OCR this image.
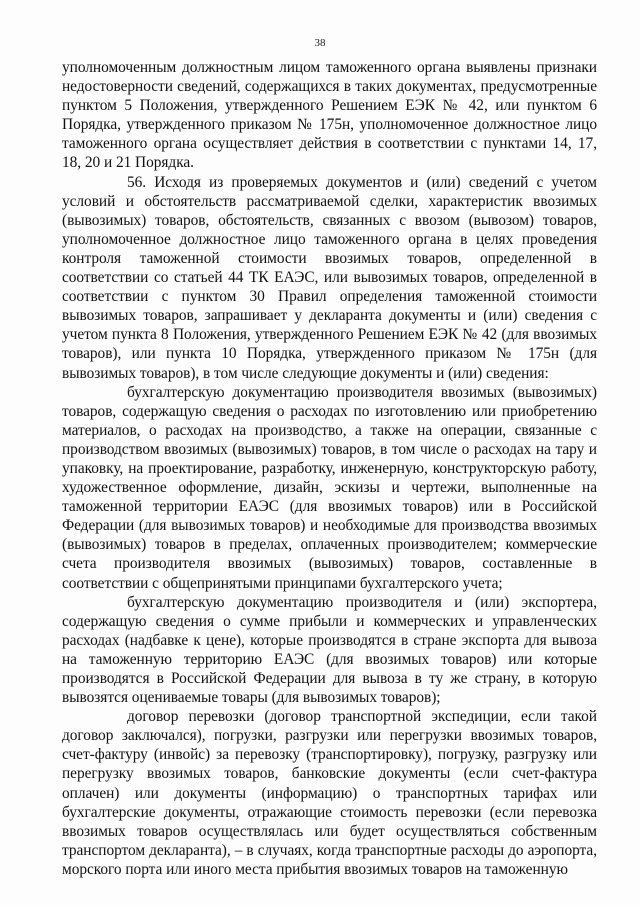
38

уполномоченным должностным лицом таможенного органа выявлены признаки недостоверности сведений, содержащихся в таких документах, предусмотренные пунктом 5 Положения, утвержденного Решением ЕЭК № 42, или пунктом 6 Порядка, утвержденного приказом № 175н, уполномоченное должностное лицо таможенного органа осуществляет действия в соответствии с пунктами 14, 17, 18, 20 и 21 Порядка.

56. Исходя из проверяемых документов и (или) сведений с учетом условий и обстоятельств рассматриваемой сделки, характеристик ввозимых (вывозимых) товаров, обстоятельств, связанных с ввозом (вывозом) товаров, уполномоченное должностное лицо таможенного органа в целях проведения контроля таможенной стоимости ввозимых товаров, определенной в соответствии со статьей 44 ТК ЕАЭС, или вывозимых товаров, определенной в соответствии с пунктом 30 Правил определения таможенной стоимости вывозимых товаров, запрашивает у декларанта документы и (или) сведения с учетом пункта 8 Положения, утвержденного Решением ЕЭК № 42 (для ввозимых товаров), или пункта 10 Порядка, утвержденного приказом № 175н (для вывозимых товаров), в том числе следующие документы и (или) сведения:

бухгалтерскую документацию производителя ввозимых (вывозимых) товаров, содержащую сведения о расходах по изготовлению или приобретению материалов, о расходах на производство, а также на операции, связанные с производством ввозимых (вывозимых) товаров, в том числе о расходах на тару и упаковку, на проектирование, разработку, инженерную, конструкторскую работу, художественное оформление, дизайн, эскизы и чертежи, выполненные на таможенной территории ЕАЭС (для ввозимых товаров) или в Российской Федерации (для вывозимых товаров) и необходимые для производства ввозимых (вывозимых) товаров в пределах, оплаченных производителем; коммерческие счета производителя ввозимых (вывозимых) товаров, составленные в соответствии с общепринятыми принципами бухгалтерского учета;

бухгалтерскую документацию производителя и (или) экспортера, содержащую сведения о сумме прибыли и коммерческих и управленческих расходах (надбавке к цене), которые производятся в стране экспорта для вывоза на таможенную территорию ЕАЭС (для ввозимых товаров) или которые производятся в Российской Федерации для вывоза в ту же страну, в которую вывозятся оцениваемые товары (для вывозимых товаров);

договор перевозки (договор транспортной экспедиции, если такой договор заключался), погрузки, разгрузки или перегрузки ввозимых товаров, счет-фактуру (инвойс) за перевозку (транспортировку), погрузку, разгрузку или перегрузку ввозимых товаров, банковские документы (если счет-фактура оплачен) или документы (информацию) о транспортных тарифах или бухгалтерские документы, отражающие стоимость перевозки (если перевозка ввозимых товаров осуществлялась или будет осуществляться собственным транспортом декларанта), – в случаях, когда транспортные расходы до аэропорта, морского порта или иного места прибытия ввозимых товаров на таможенную
